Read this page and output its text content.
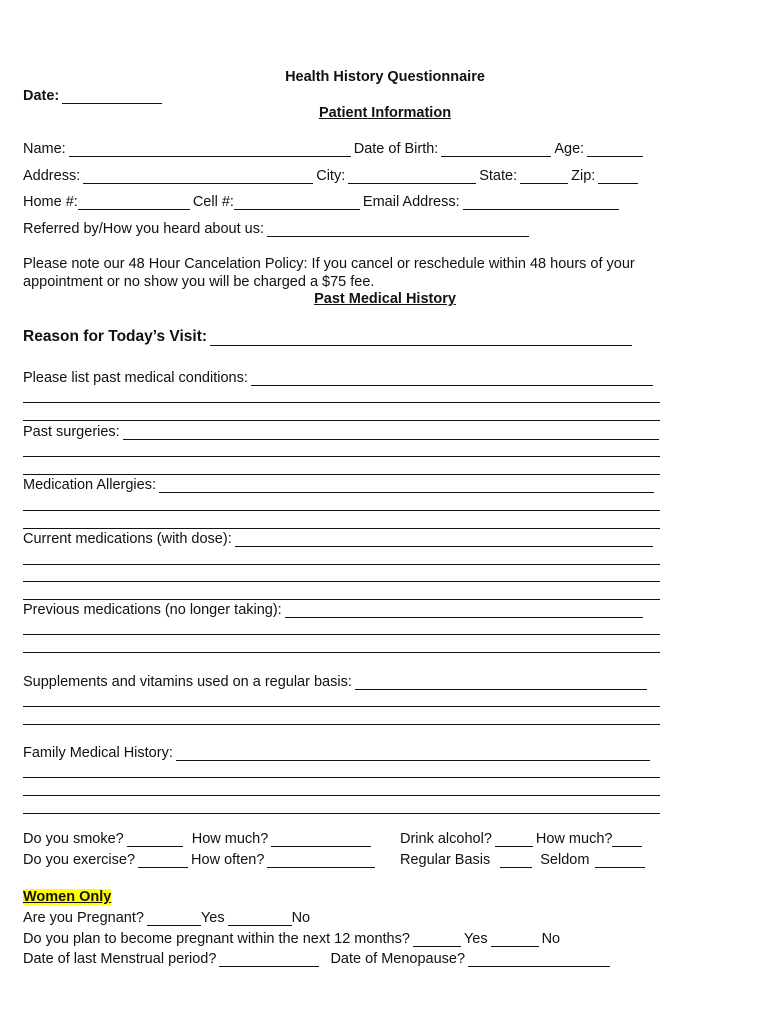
Health History Questionnaire
Date:
Patient Information
Name:	Date of Birth:	Age:
Address:	City:	State:	Zip:
Home #:	Cell #:	Email Address:
Referred by/How you heard about us:
Please note our 48 Hour Cancelation Policy: If you cancel or reschedule within 48 hours of your appointment or no show you will be charged a $75 fee.
Past Medical History
Reason for Today’s Visit:
Please list past medical conditions:
Past surgeries:
Medication Allergies:
Current medications (with dose):
Previous medications (no longer taking):
Supplements and vitamins used on a regular basis:
Family Medical History:
Do you smoke?	How much?	Drink alcohol?	How much?
Do you exercise?	How often?	Regular Basis	Seldom
Women Only
Are you Pregnant?	Yes	No
Do you plan to become pregnant within the next 12 months?	Yes	No
Date of last Menstrual period?	Date of Menopause?
